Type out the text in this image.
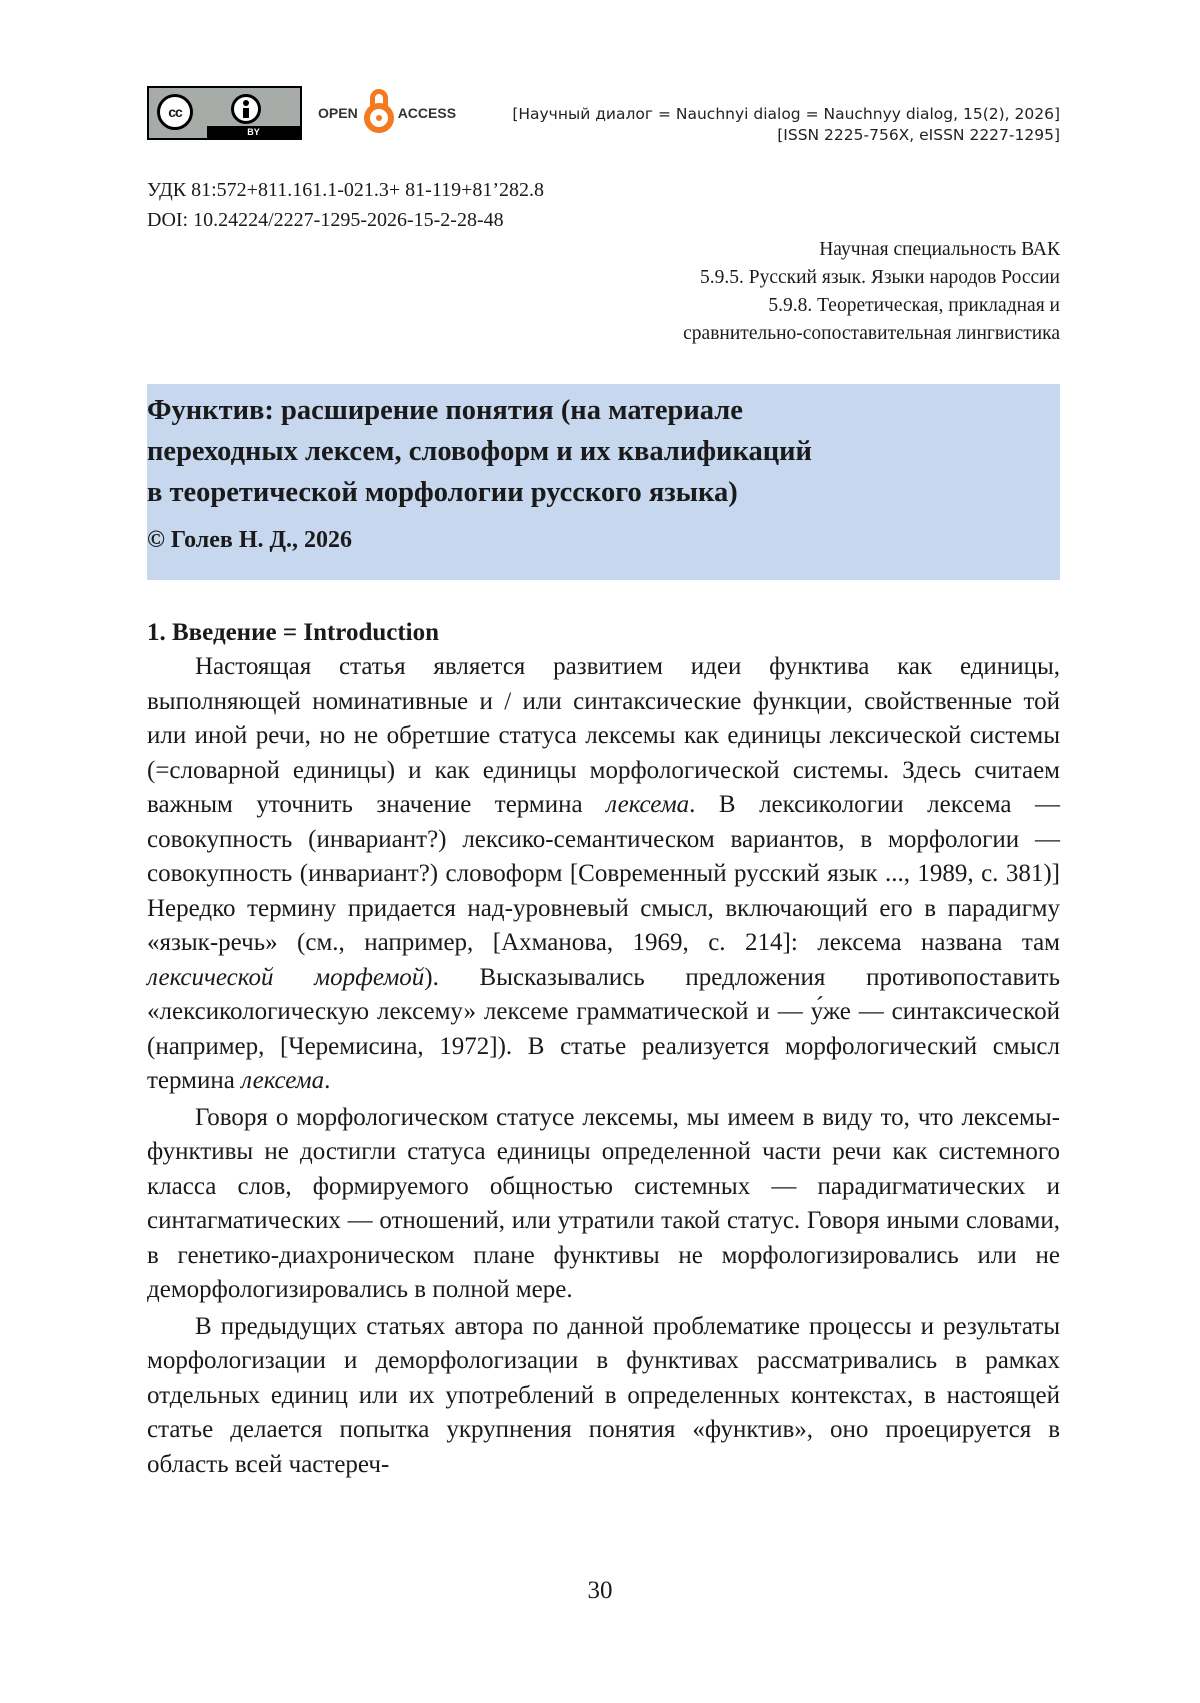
cc
BY
OPEN	ACCESS	[Научный диалог = Nauchnyi dialog = Nauchnyy dialog, 15(2), 2026]
[ISSN 2225-756X, eISSN 2227-1295]
УДК 81:572+811.161.1-021.3+ 81-119+81’282.8
DOI: 10.24224/2227-1295-2026-15-2-28-48
Научная специальность ВАК
5.9.5. Русский язык. Языки народов России
5.9.8. Теоретическая, прикладная и
сравнительно-сопоставительная лингвистика
Функтив: расширение понятия (на материале
переходных лексем, словоформ и их квалификаций
в теоретической морфологии русского языка)
© Голев Н. Д., 2026
1. Введение = Introduction

Настоящая статья является развитием идеи функтива как единицы, выполняющей номинативные и / или синтаксические функции, свойственные той или иной речи, но не обретшие статуса лексемы как единицы лексической системы (=словарной единицы) и как единицы морфологической системы. Здесь считаем важным уточнить значение термина лексема. В лексикологии лексема — совокупность (инвариант?) лексико-семантическом вариантов, в морфологии — совокупность (инвариант?) словоформ [Современный русский язык ..., 1989, с. 381)] Нередко термину придается над-уровневый смысл, включающий его в парадигму «язык-речь» (см., например, [Ахманова, 1969, с. 214]: лексема названа там лексической морфемой). Высказывались предложения противопоставить «лексикологическую лексему» лексеме грамматической и — у́же — синтаксической (например, [Черемисина, 1972]). В статье реализуется морфологический смысл термина лексема.

Говоря о морфологическом статусе лексемы, мы имеем в виду то, что лексемы-функтивы не достигли статуса единицы определенной части речи как системного класса слов, формируемого общностью системных — парадигматических и синтагматических — отношений, или утратили такой статус. Говоря иными словами, в генетико-диахроническом плане функтивы не морфологизировались или не деморфологизировались в полной мере.

В предыдущих статьях автора по данной проблематике процессы и результаты морфологизации и деморфологизации в функтивах рассматривались в рамках отдельных единиц или их употреблений в определенных контекстах, в настоящей статье делается попытка укрупнения понятия «функтив», оно проецируется в область всей частереч-

30
